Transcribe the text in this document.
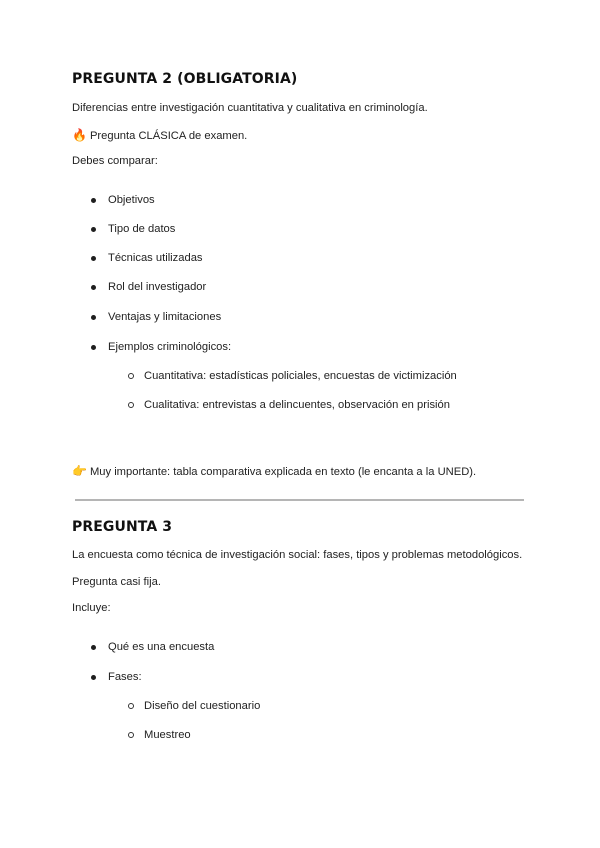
PREGUNTA 2 (OBLIGATORIA)
Diferencias entre investigación cuantitativa y cualitativa en criminología.
🔥 Pregunta CLÁSICA de examen.
Debes comparar:
Objetivos
Tipo de datos
Técnicas utilizadas
Rol del investigador
Ventajas y limitaciones
Ejemplos criminológicos:
Cuantitativa: estadísticas policiales, encuestas de victimización
Cualitativa: entrevistas a delincuentes, observación en prisión
👉 Muy importante: tabla comparativa explicada en texto (le encanta a la UNED).
PREGUNTA 3
La encuesta como técnica de investigación social: fases, tipos y problemas metodológicos.
Pregunta casi fija.
Incluye:
Qué es una encuesta
Fases:
Diseño del cuestionario
Muestreo
